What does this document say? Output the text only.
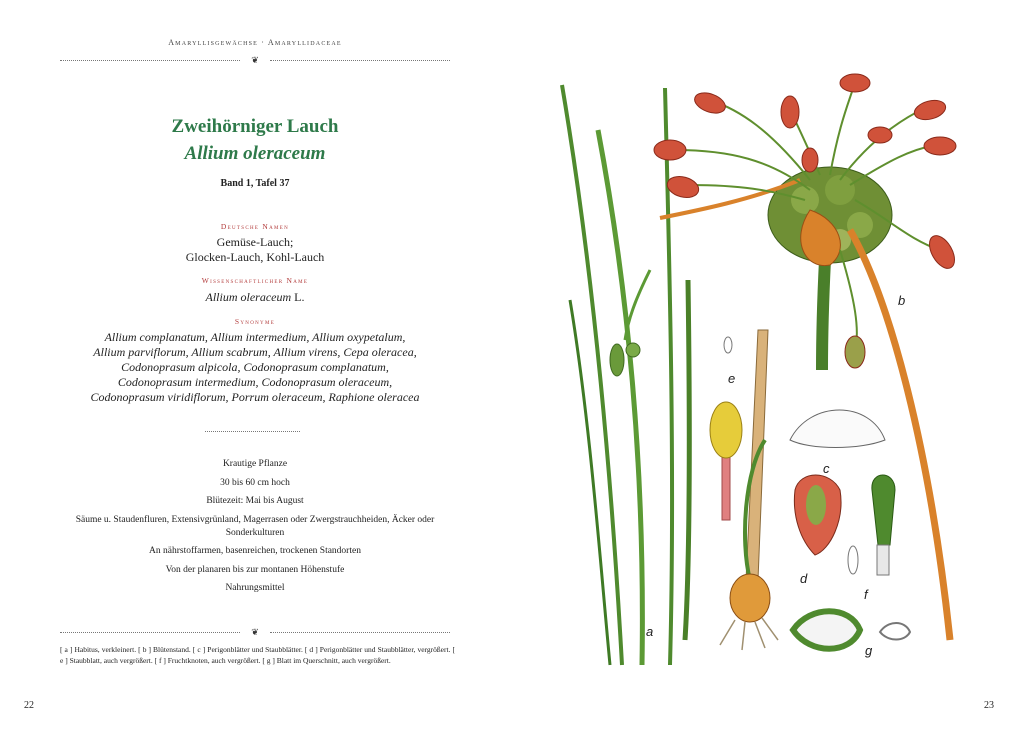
Amaryllisgewächse · Amaryllidaceae
❦
Zweihörniger Lauch
Allium oleraceum
Band 1, Tafel 37
Deutsche Namen
Gemüse-Lauch;
Glocken-Lauch, Kohl-Lauch
Wissenschaftlicher Name
Allium oleraceum L.
Synonyme
Allium complanatum, Allium intermedium, Allium oxypetalum,
Allium parviflorum, Allium scabrum, Allium virens, Cepa oleracea,
Codonoprasum alpicola, Codonoprasum complanatum,
Codonoprasum intermedium, Codonoprasum oleraceum,
Codonoprasum viridiflorum, Porrum oleraceum, Raphione oleracea
Krautige Pflanze
30 bis 60 cm hoch
Blütezeit: Mai bis August
Säume u. Staudenfluren, Extensivgrünland, Magerrasen oder Zwergstrauchheiden, Äcker oder Sonderkulturen
An nährstoffarmen, basenreichen, trockenen Standorten
Von der planaren bis zur montanen Höhenstufe
Nahrungsmittel
❦
[ a ] Habitus, verkleinert. [ b ] Blütenstand. [ c ] Perigonblätter und Staubblätter. [ d ] Perigonblätter und Staubblätter, vergrößert. [ e ] Staubblatt, auch vergrößert. [ f ] Fruchtknoten, auch vergrößert. [ g ] Blatt im Querschnitt, auch vergrößert.
22
a
b
c
d
e
f
g
23
